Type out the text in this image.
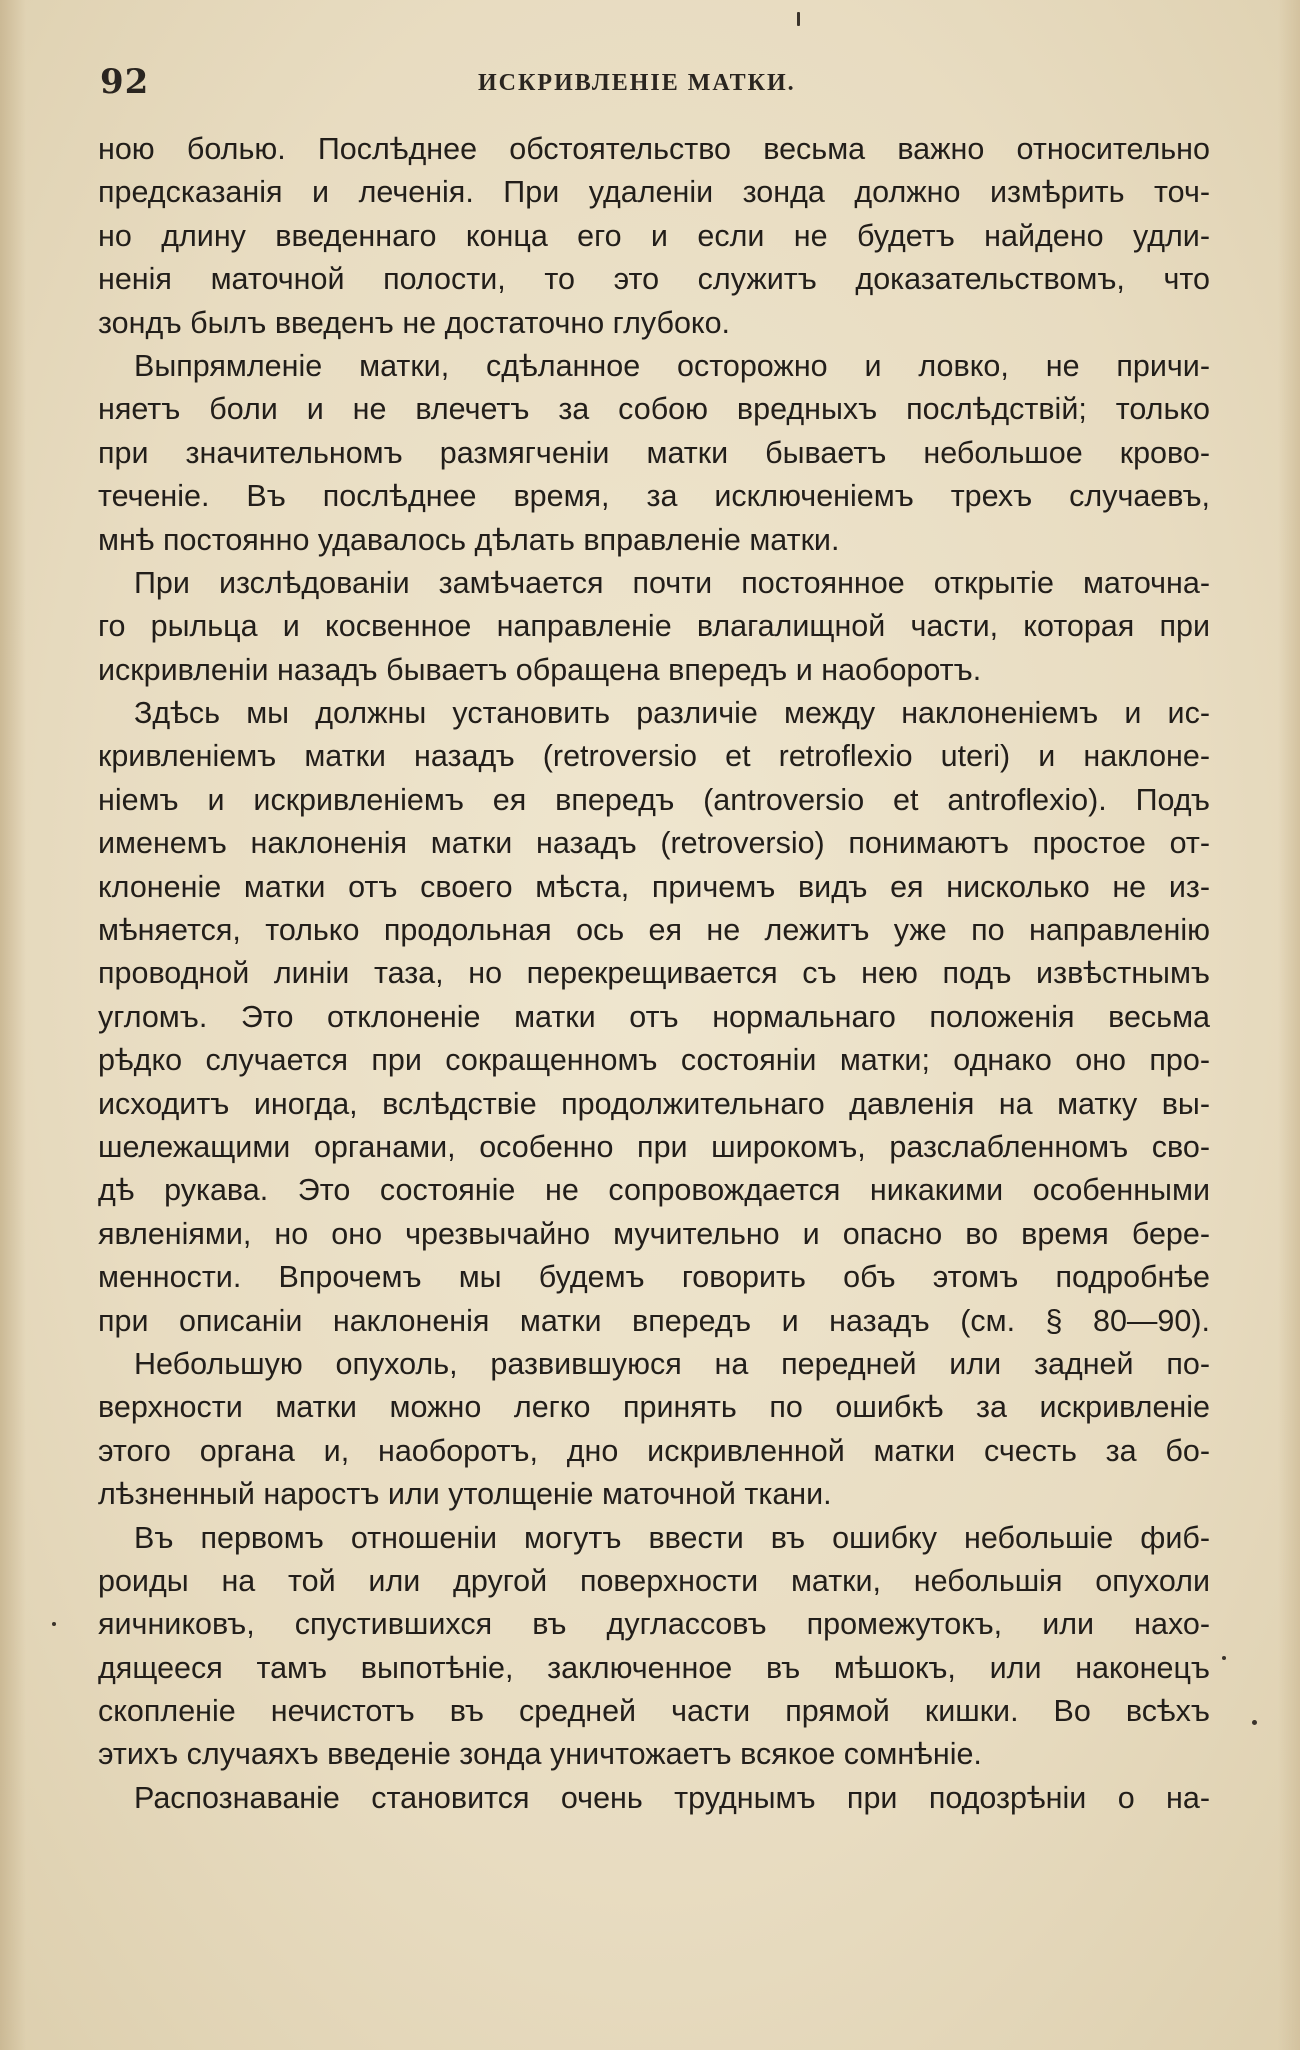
92	ИСКРИВЛЕНІЕ МАТКИ.
ною болью. Послѣднее обстоятельство весьма важно относительно
предсказанія и леченія. При удаленіи зонда должно измѣрить точ-
но длину введеннаго конца его и если не будетъ найдено удли-
ненія маточной полости, то это служитъ доказательствомъ, что
зондъ былъ введенъ не достаточно глубоко.
Выпрямленіе матки, сдѣланное осторожно и ловко, не причи-
няетъ боли и не влечетъ за собою вредныхъ послѣдствій; только
при значительномъ размягченіи матки бываетъ небольшое крово-
теченіе. Въ послѣднее время, за исключеніемъ трехъ случаевъ,
мнѣ постоянно удавалось дѣлать вправленіе матки.
При изслѣдованіи замѣчается почти постоянное открытіе маточна-
го рыльца и косвенное направленіе влагалищной части, которая при
искривленіи назадъ бываетъ обращена впередъ и наоборотъ.
Здѣсь мы должны установить различіе между наклоненіемъ и ис-
кривленіемъ матки назадъ (retroversio et retroflexio uteri) и наклоне-
ніемъ и искривленіемъ ея впередъ (antroversio et antroflexio). Подъ
именемъ наклоненія матки назадъ (retroversio) понимаютъ простое от-
клоненіе матки отъ своего мѣста, причемъ видъ ея нисколько не из-
мѣняется, только продольная ось ея не лежитъ уже по направленію
проводной линіи таза, но перекрещивается съ нею подъ извѣстнымъ
угломъ. Это отклоненіе матки отъ нормальнаго положенія весьма
рѣдко случается при сокращенномъ состояніи матки; однако оно про-
исходитъ иногда, вслѣдствіе продолжительнаго давленія на матку вы-
шележащими органами, особенно при широкомъ, разслабленномъ сво-
дѣ рукава. Это состояніе не сопровождается никакими особенными
явленіями, но оно чрезвычайно мучительно и опасно во время бере-
менности. Впрочемъ мы будемъ говорить объ этомъ подробнѣе
при описаніи наклоненія матки впередъ и назадъ (см. § 80—90).
Небольшую опухоль, развившуюся на передней или задней по-
верхности матки можно легко принять по ошибкѣ за искривленіе
этого органа и, наоборотъ, дно искривленной матки счесть за бо-
лѣзненный наростъ или утолщеніе маточной ткани.
Въ первомъ отношеніи могутъ ввести въ ошибку небольшіе фиб-
роиды на той или другой поверхности матки, небольшія опухоли
яичниковъ, спустившихся въ дугласcовъ промежутокъ, или нахо-
дящееся тамъ выпотѣніе, заключенное въ мѣшокъ, или наконецъ
скопленіе нечистотъ въ средней части прямой кишки. Во всѣхъ
этихъ случаяхъ введеніе зонда уничтожаетъ всякое сомнѣніе.
Распознаваніе становится очень труднымъ при подозрѣніи о на-
